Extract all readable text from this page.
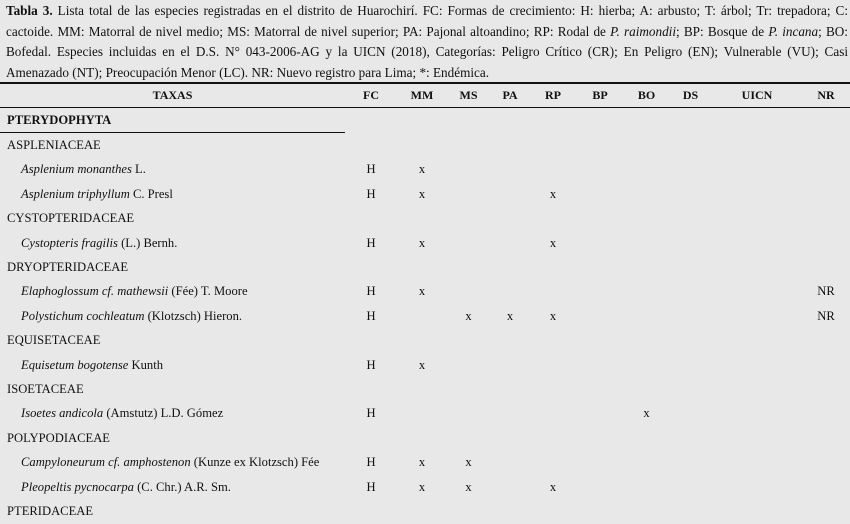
Tabla 3. Lista total de las especies registradas en el distrito de Huarochirí. FC: Formas de crecimiento: H: hierba; A: arbusto; T: árbol; Tr: trepadora; C: cactoide. MM: Matorral de nivel medio; MS: Matorral de nivel superior; PA: Pajonal altoandino; RP: Rodal de P. raimondii; BP: Bosque de P. incana; BO: Bofedal. Especies incluidas en el D.S. N° 043-2006-AG y la UICN (2018), Categorías: Peligro Crítico (CR); En Peligro (EN); Vulnerable (VU); Casi Amenazado (NT); Preocupación Menor (LC). NR: Nuevo registro para Lima; *: Endémica.
TAXAS	FC	MM	MS	PA	RP	BP	BO	DS	UICN	NR
PTERYDOPHYTA										
ASPLENIACEAE										
Asplenium monanthes L.	H	x								
Asplenium triphyllum C. Presl	H	x			x					
CYSTOPTERIDACEAE										
Cystopteris fragilis (L.) Bernh.	H	x			x					
DRYOPTERIDACEAE										
Elaphoglossum cf. mathewsii (Fée) T. Moore	H	x								NR
Polystichum cochleatum (Klotzsch) Hieron.	H		x	x	x					NR
EQUISETACEAE										
Equisetum bogotense Kunth	H	x								
ISOETACEAE										
Isoetes andicola (Amstutz) L.D. Gómez	H						x			
POLYPODIACEAE										
Campyloneurum cf. amphostenon (Kunze ex Klotzsch) Fée	H	x	x							
Pleopeltis pycnocarpa (C. Chr.) A.R. Sm.	H	x	x		x					
PTERIDACEAE										
